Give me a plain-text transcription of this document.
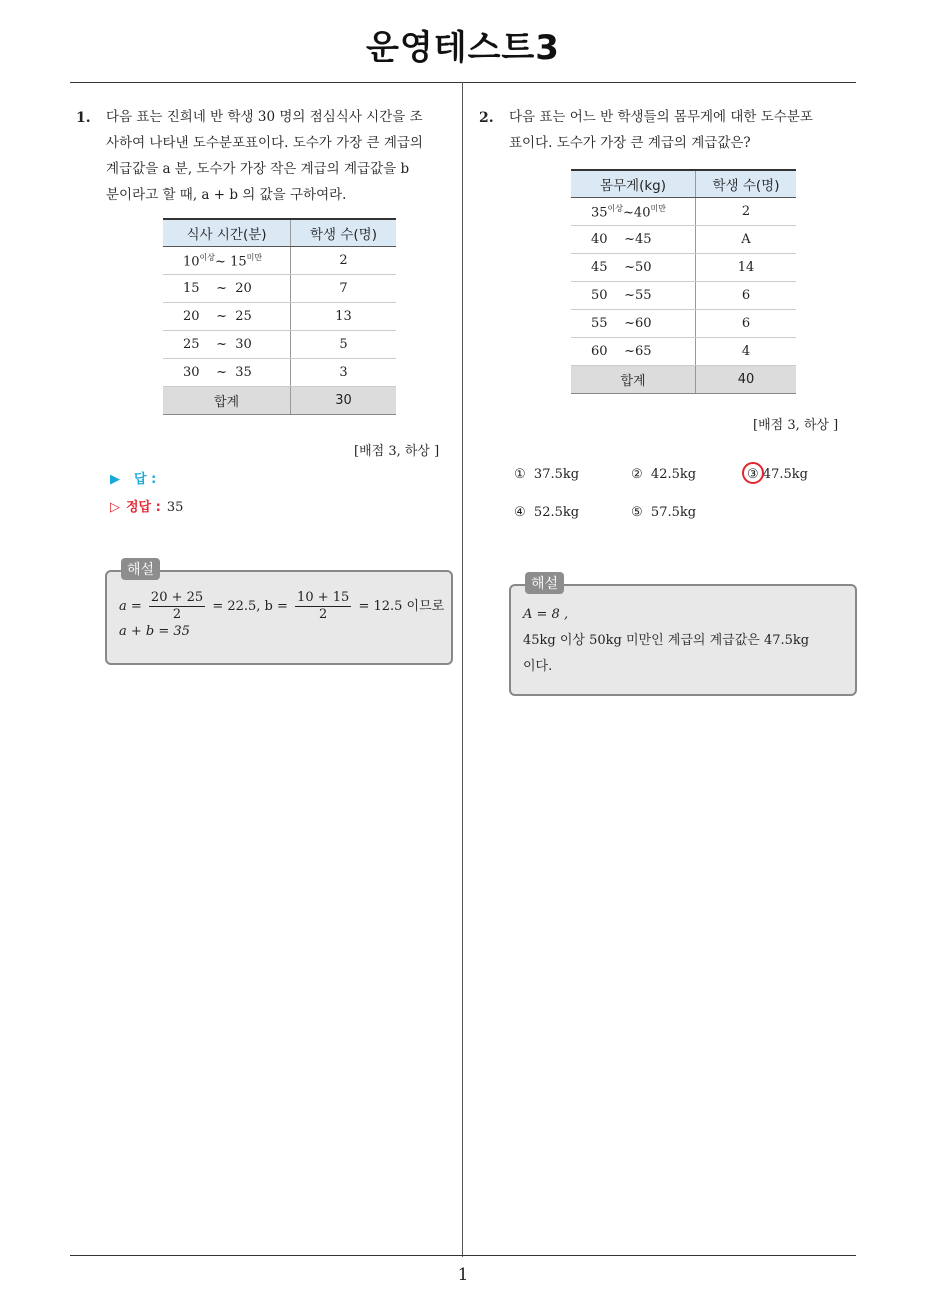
운영테스트3
1. 다음 표는 진희네 반 학생 30 명의 점심식사 시간을 조
사하여 나타낸 도수분포표이다. 도수가 가장 큰 계급의
계급값을 a 분, 도수가 가장 작은 계급의 계급값을 b
분이라고 할 때, a + b 의 값을 구하여라.
식사 시간(분)	학생 수(명)
$10^{이상}\sim$ $15^{미만}$	2
15 ~ 20	7
20 ~ 25	13
25 ~ 30	5
30 ~ 35	3
합계	30
[배점 3, 하상 ]
▶ 답 :
▷ 정답 : 35
해설
$a = \frac{20 + 25}{2} = 22.5$, $b = \frac{10 + 15}{2} = 12.5$ 이므로
a + b = 35
2. 다음 표는 어느 반 학생들의 몸무게에 대한 도수분포
표이다. 도수가 가장 큰 계급의 계급값은?
몸무게(kg)	학생 수(명)
$35^{이상}\sim 40^{미만}$	2
40 ~45	A
45 ~50	14
50 ~55	6
55 ~60	6
60 ~65	4
합계	40
[배점 3, 하상 ]
① 37.5kg	② 42.5kg	③ 47.5kg
④ 52.5kg	⑤ 57.5kg
해설
A = 8 ,
45kg 이상 50kg 미만인 계급의 계급값은 47.5kg
이다.
1
